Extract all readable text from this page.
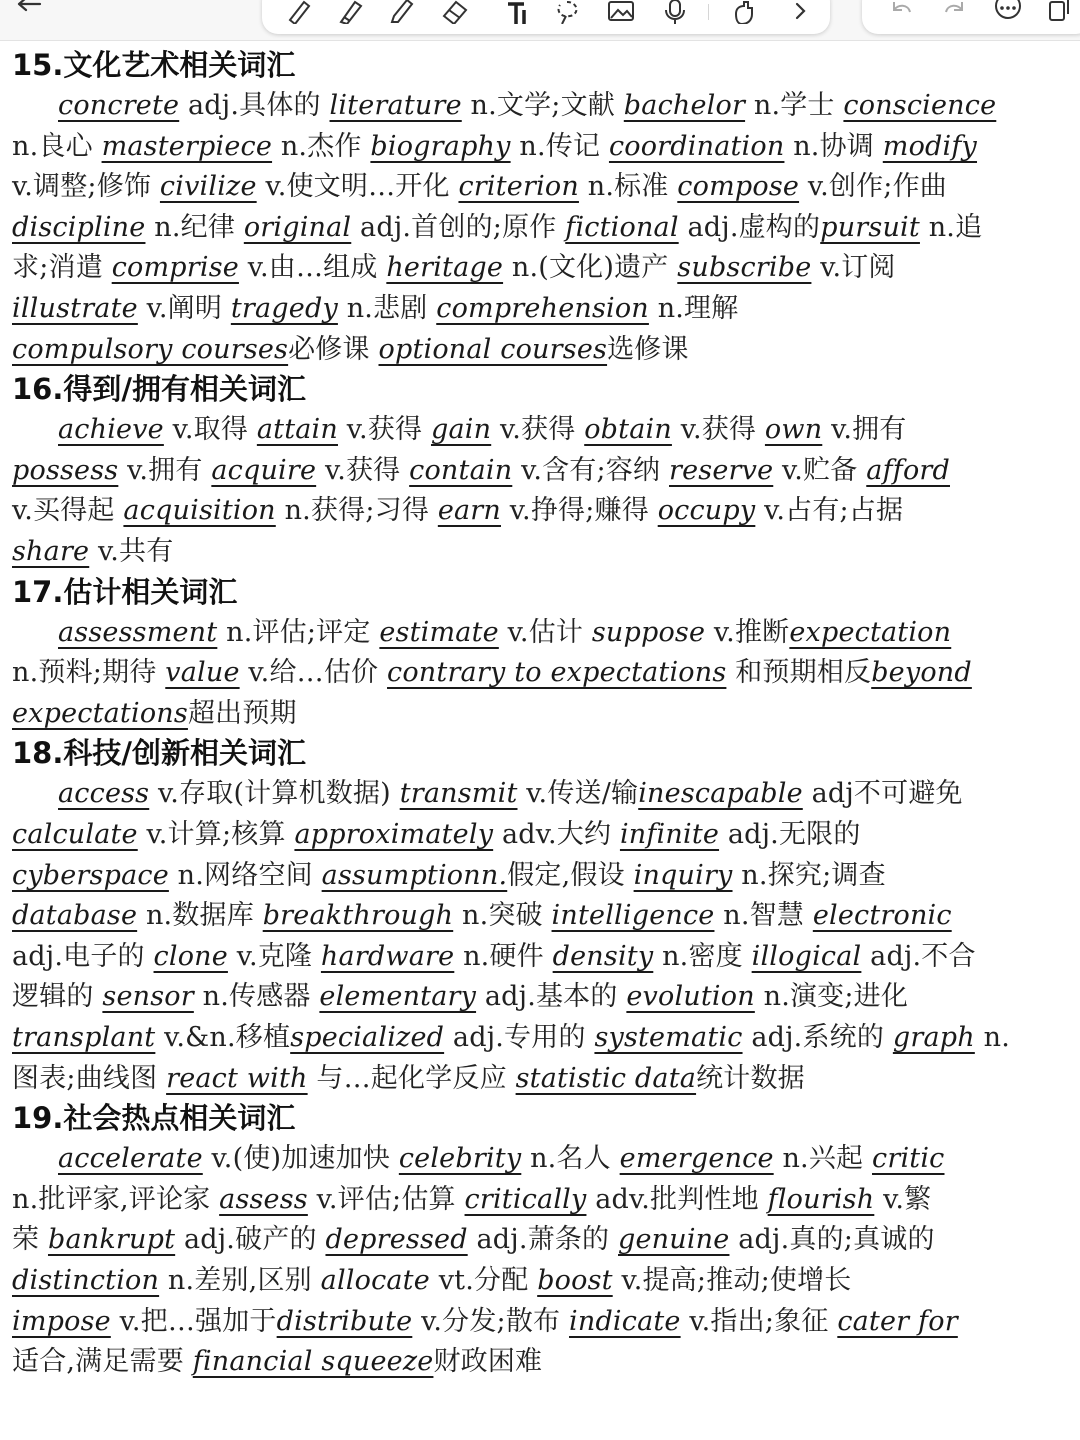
15.文化艺术相关词汇
concrete adj.具体的 literature n.文学;文献 bachelor n.学士 conscience
n.良心 masterpiece n.杰作 biography n.传记 coordination n.协调 modify
v.调整;修饰 civilize v.使文明…开化 criterion n.标准 compose v.创作;作曲
discipline n.纪律 original adj.首创的;原作 fictional adj.虚构的pursuit n.追
求;消遣 comprise v.由…组成 heritage n.(文化)遗产 subscribe v.订阅
illustrate v.阐明 tragedy n.悲剧 comprehension n.理解
compulsory courses必修课 optional courses选修课
16.得到/拥有相关词汇
achieve v.取得 attain v.获得 gain v.获得 obtain v.获得 own v.拥有
possess v.拥有 acquire v.获得 contain v.含有;容纳 reserve v.贮备 afford
v.买得起 acquisition n.获得;习得 earn v.挣得;赚得 occupy v.占有;占据
share v.共有
17.估计相关词汇
assessment n.评估;评定 estimate v.估计 suppose v.推断expectation
n.预料;期待 value v.给…估价 contrary to expectations 和预期相反beyond
expectations超出预期
18.科技/创新相关词汇
access v.存取(计算机数据) transmit v.传送/输inescapable adj不可避免
calculate v.计算;核算 approximately adv.大约 infinite adj.无限的
cyberspace n.网络空间 assumptionn.假定,假设 inquiry n.探究;调查
database n.数据库 breakthrough n.突破 intelligence n.智慧 electronic
adj.电子的 clone v.克隆 hardware n.硬件 density n.密度 illogical adj.不合
逻辑的 sensor n.传感器 elementary adj.基本的 evolution n.演变;进化
transplant v.&n.移植specialized adj.专用的 systematic adj.系统的 graph n.
图表;曲线图 react with 与…起化学反应 statistic data统计数据
19.社会热点相关词汇
accelerate v.(使)加速加快 celebrity n.名人 emergence n.兴起 critic
n.批评家,评论家 assess v.评估;估算 critically adv.批判性地 flourish v.繁
荣 bankrupt adj.破产的 depressed adj.萧条的 genuine adj.真的;真诚的
distinction n.差别,区别 allocate vt.分配 boost v.提高;推动;使增长
impose v.把…强加于distribute v.分发;散布 indicate v.指出;象征 cater for
适合,满足需要 financial squeeze财政困难
